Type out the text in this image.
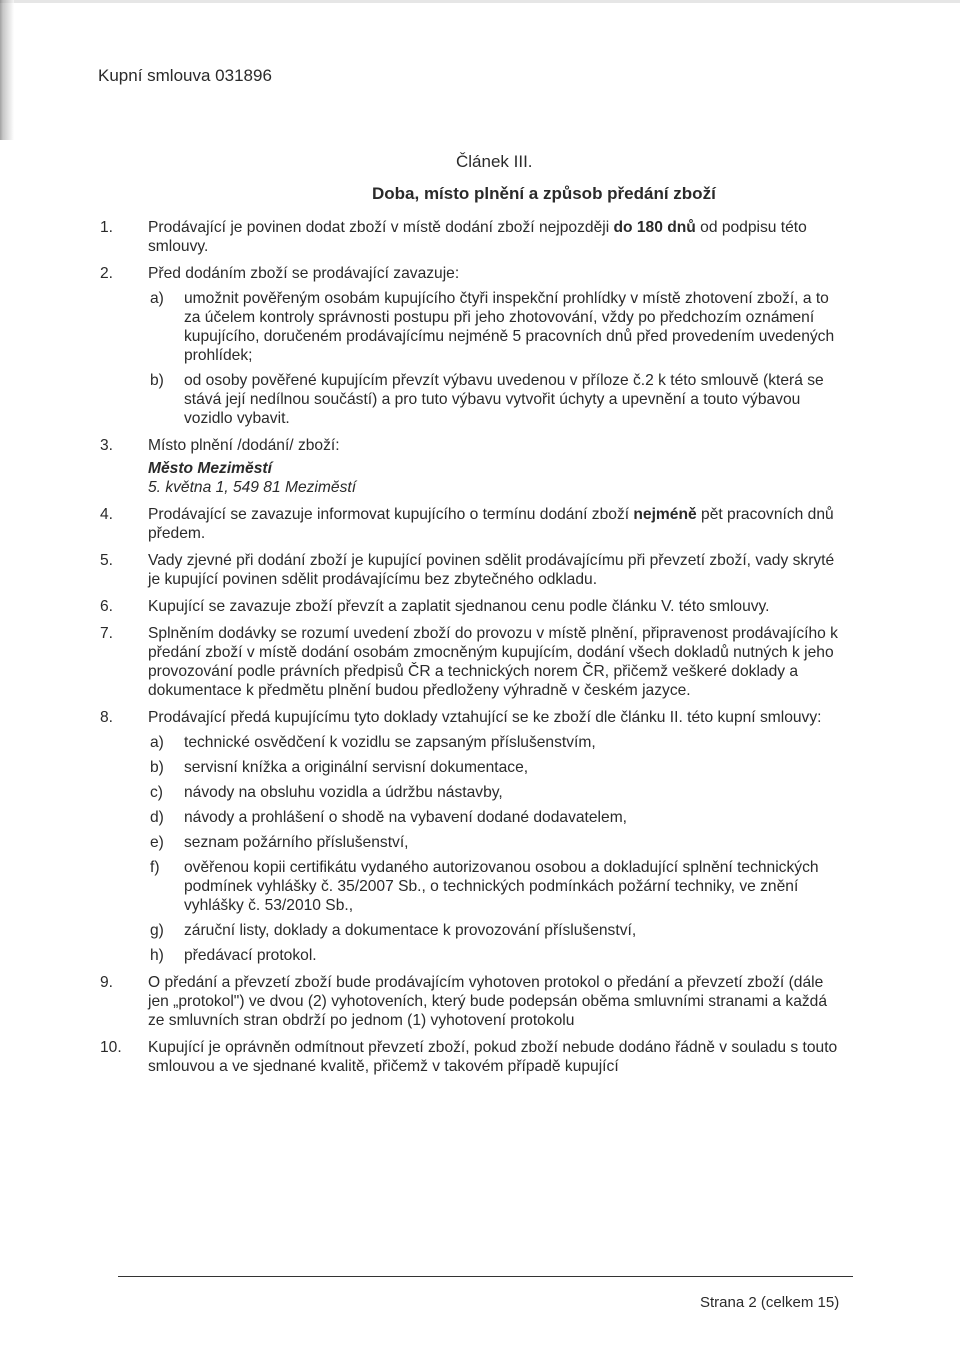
Kupní smlouva 031896
Článek III.
Doba, místo plnění a způsob předání zboží
1.	Prodávající je povinen dodat zboží v místě dodání zboží nejpozději do 180 dnů od podpisu této smlouvy.
2.	Před dodáním zboží se prodávající zavazuje:
a) umožnit pověřeným osobám kupujícího čtyři inspekční prohlídky v místě zhotovení zboží, a to za účelem kontroly správnosti postupu při jeho zhotovování, vždy po předchozím oznámení kupujícího, doručeném prodávajícímu nejméně 5 pracovních dnů před provedením uvedených prohlídek;
b) od osoby pověřené kupujícím převzít výbavu uvedenou v příloze č.2 k této smlouvě (která se stává její nedílnou součástí) a pro tuto výbavu vytvořit úchyty a upevnění a touto výbavou vozidlo vybavit.
3.	Místo plnění /dodání/ zboží:
Město Mezimĕstí
5. května 1, 549 81 Mezimĕstí
4.	Prodávající se zavazuje informovat kupujícího o termínu dodání zboží nejméně pět pracovních dnů předem.
5.	Vady zjevné při dodání zboží je kupující povinen sdělit prodávajícímu při převzetí zboží, vady skryté je kupující povinen sdělit prodávajícímu bez zbytečného odkladu.
6.	Kupující se zavazuje zboží převzít a zaplatit sjednanou cenu podle článku V. této smlouvy.
7.	Splněním dodávky se rozumí uvedení zboží do provozu v místě plnění, připravenost prodávajícího k předání zboží v místě dodání osobám zmocněným kupujícím, dodání všech dokladů nutných k jeho provozování podle právních předpisů ČR a technických norem ČR, přičemž veškeré doklady a dokumentace k předmětu plnění budou předloženy výhradně v českém jazyce.
8.	Prodávající předá kupujícímu tyto doklady vztahující se ke zboží dle článku II. této kupní smlouvy:
a) technické osvědčení k vozidlu se zapsaným příslušenstvím,
b) servisní knížka a originální servisní dokumentace,
c) návody na obsluhu vozidla a údržbu nástavby,
d) návody a prohlášení o shodě na vybavení dodané dodavatelem,
e) seznam požárního příslušenství,
f) ověřenou kopii certifikátu vydaného autorizovanou osobou a dokladující splnění technických podmínek vyhlášky č. 35/2007 Sb., o technických podmínkách požární techniky, ve znění vyhlášky č. 53/2010 Sb.,
g) záruční listy, doklady a dokumentace k provozování příslušenství,
h) předávací protokol.
9.	O předání a převzetí zboží bude prodávajícím vyhotoven protokol o předání a převzetí zboží (dále jen „protokol") ve dvou (2) vyhotoveních, který bude podepsán oběma smluvními stranami a každá ze smluvních stran obdrží po jednom (1) vyhotovení protokolu
10.	Kupující je oprávněn odmítnout převzetí zboží, pokud zboží nebude dodáno řádně v souladu s touto smlouvou a ve sjednané kvalitě, přičemž v takovém případě kupující
Strana 2 (celkem 15)
